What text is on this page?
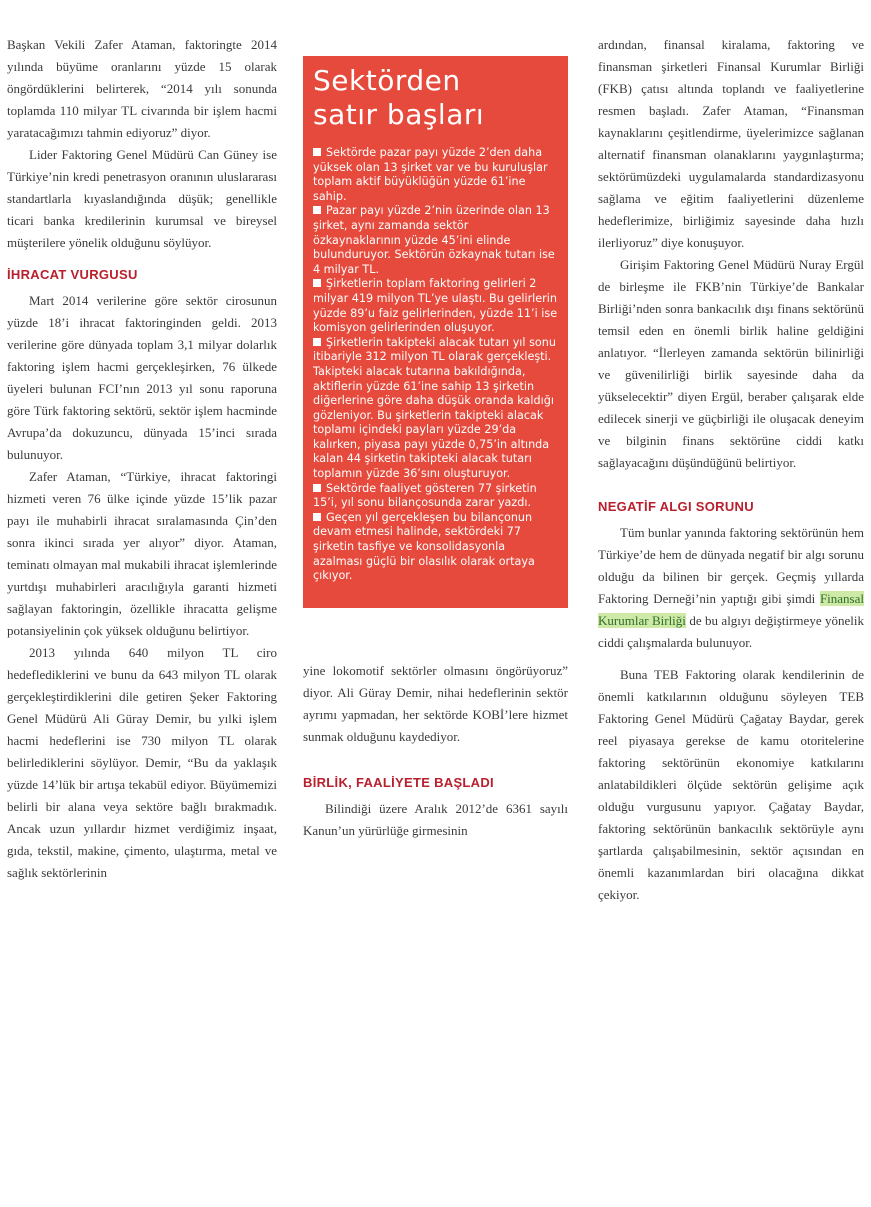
Başkan Vekili Zafer Ataman, faktoringte 2014 yılında büyüme oranlarını yüzde 15 olarak öngördüklerini belirterek, “2014 yılı sonunda toplamda 110 milyar TL civarında bir işlem hacmi yaratacağımızı tahmin ediyoruz” diyor.

Lider Faktoring Genel Müdürü Can Güney ise Türkiye’nin kredi penetrasyon oranının uluslararası standartlarla kıyaslandığında düşük; genellikle ticari banka kredilerinin kurumsal ve bireysel müşterilere yönelik olduğunu söylüyor.

İHRACAT VURGUSU

Mart 2014 verilerine göre sektör cirosunun yüzde 18’i ihracat faktoringinden geldi. 2013 verilerine göre dünyada toplam 3,1 milyar dolarlık faktoring işlem hacmi gerçekleşirken, 76 ülkede üyeleri bulunan FCI’nın 2013 yıl sonu raporuna göre Türk faktoring sektörü, sektör işlem hacminde Avrupa’da dokuzuncu, dünyada 15’inci sırada bulunuyor.

Zafer Ataman, “Türkiye, ihracat faktoringi hizmeti veren 76 ülke içinde yüzde 15’lik pazar payı ile muhabirli ihracat sıralamasında Çin’den sonra ikinci sırada yer alıyor” diyor. Ataman, teminatı olmayan mal mukabili ihracat işlemlerinde yurtdışı muhabirleri aracılığıyla garanti hizmeti sağlayan faktoringin, özellikle ihracatta gelişme potansiyelinin çok yüksek olduğunu belirtiyor.

2013 yılında 640 milyon TL ciro hedeflediklerini ve bunu da 643 milyon TL olarak gerçekleştirdiklerini dile getiren Şeker Faktoring Genel Müdürü Ali Güray Demir, bu yılki işlem hacmi hedeflerini ise 730 milyon TL olarak belirlediklerini söylüyor. Demir, “Bu da yaklaşık yüzde 14’lük bir artışa tekabül ediyor. Büyümemizi belirli bir alana veya sektöre bağlı bırakmadık. Ancak uzun yıllardır hizmet verdiğimiz inşaat, gıda, tekstil, makine, çimento, ulaştırma, metal ve sağlık sektörlerinin

Sektörden
satır başları
Sektörde pazar payı yüzde 2’den daha yüksek olan 13 şirket var ve bu kuruluşlar toplam aktif büyüklüğün yüzde 61’ine sahip.
Pazar payı yüzde 2’nin üzerinde olan 13 şirket, aynı zamanda sektör özkaynaklarının yüzde 45’ini elinde bulunduruyor. Sektörün özkaynak tutarı ise 4 milyar TL.
Şirketlerin toplam faktoring gelirleri 2 milyar 419 milyon TL’ye ulaştı. Bu gelirlerin yüzde 89’u faiz gelirlerinden, yüzde 11’i ise komisyon gelirlerinden oluşuyor.
Şirketlerin takipteki alacak tutarı yıl sonu itibariyle 312 milyon TL olarak gerçekleşti. Takipteki alacak tutarına bakıldığında, aktiflerin yüzde 61’ine sahip 13 şirketin diğerlerine göre daha düşük oranda kaldığı gözleniyor. Bu şirketlerin takipteki alacak toplamı içindeki payları yüzde 29’da kalırken, piyasa payı yüzde 0,75’in altında kalan 44 şirketin takipteki alacak tutarı toplamın yüzde 36’sını oluşturuyor.
Sektörde faaliyet gösteren 77 şirketin 15’i, yıl sonu bilançosunda zarar yazdı.
Geçen yıl gerçekleşen bu bilançonun devam etmesi halinde, sektördeki 77 şirketin tasfiye ve konsolidasyonla azalması güçlü bir olasılık olarak ortaya çıkıyor.

yine lokomotif sektörler olmasını öngörüyoruz” diyor. Ali Güray Demir, nihai hedeflerinin sektör ayrımı yapmadan, her sektörde KOBİ’lere hizmet sunmak olduğunu kaydediyor.

BİRLİK, FAALİYETE BAŞLADI

Bilindiği üzere Aralık 2012’de 6361 sayılı Kanun’un yürürlüğe girmesinin

ardından, finansal kiralama, faktoring ve finansman şirketleri Finansal Kurumlar Birliği (FKB) çatısı altında toplandı ve faaliyetlerine resmen başladı. Zafer Ataman, “Finansman kaynaklarını çeşitlendirme, üyelerimizce sağlanan alternatif finansman olanaklarını yaygınlaştırma; sektörümüzdeki uygulamalarda standardizasyonu sağlama ve eğitim faaliyetlerini düzenleme hedeflerimize, birliğimiz sayesinde daha hızlı ilerliyoruz” diye konuşuyor.

Girişim Faktoring Genel Müdürü Nuray Ergül de birleşme ile FKB’nin Türkiye’de Bankalar Birliği’nden sonra bankacılık dışı finans sektörünü temsil eden en önemli birlik haline geldiğini anlatıyor. “İlerleyen zamanda sektörün bilinirliği ve güvenilirliği birlik sayesinde daha da yükselecektir” diyen Ergül, beraber çalışarak elde edilecek sinerji ve güçbirliği ile oluşacak deneyim ve bilginin finans sektörüne ciddi katkı sağlayacağını düşündüğünü belirtiyor.

NEGATİF ALGI SORUNU

Tüm bunlar yanında faktoring sektörünün hem Türkiye’de hem de dünyada negatif bir algı sorunu olduğu da bilinen bir gerçek. Geçmiş yıllarda Faktoring Derneği’nin yaptığı gibi şimdi Finansal Kurumlar Birliği de bu algıyı değiştirmeye yönelik ciddi çalışmalarda bulunuyor.

Buna TEB Faktoring olarak kendilerinin de önemli katkılarının olduğunu söyleyen TEB Faktoring Genel Müdürü Çağatay Baydar, gerek reel piyasaya gerekse de kamu otoritelerine faktoring sektörünün ekonomiye katkılarını anlatabildikleri ölçüde sektörün gelişime açık olduğu vurgusunu yapıyor. Çağatay Baydar, faktoring sektörünün bankacılık sektörüyle aynı şartlarda çalışabilmesinin, sektör açısından en önemli kazanımlardan biri olacağına dikkat çekiyor.
